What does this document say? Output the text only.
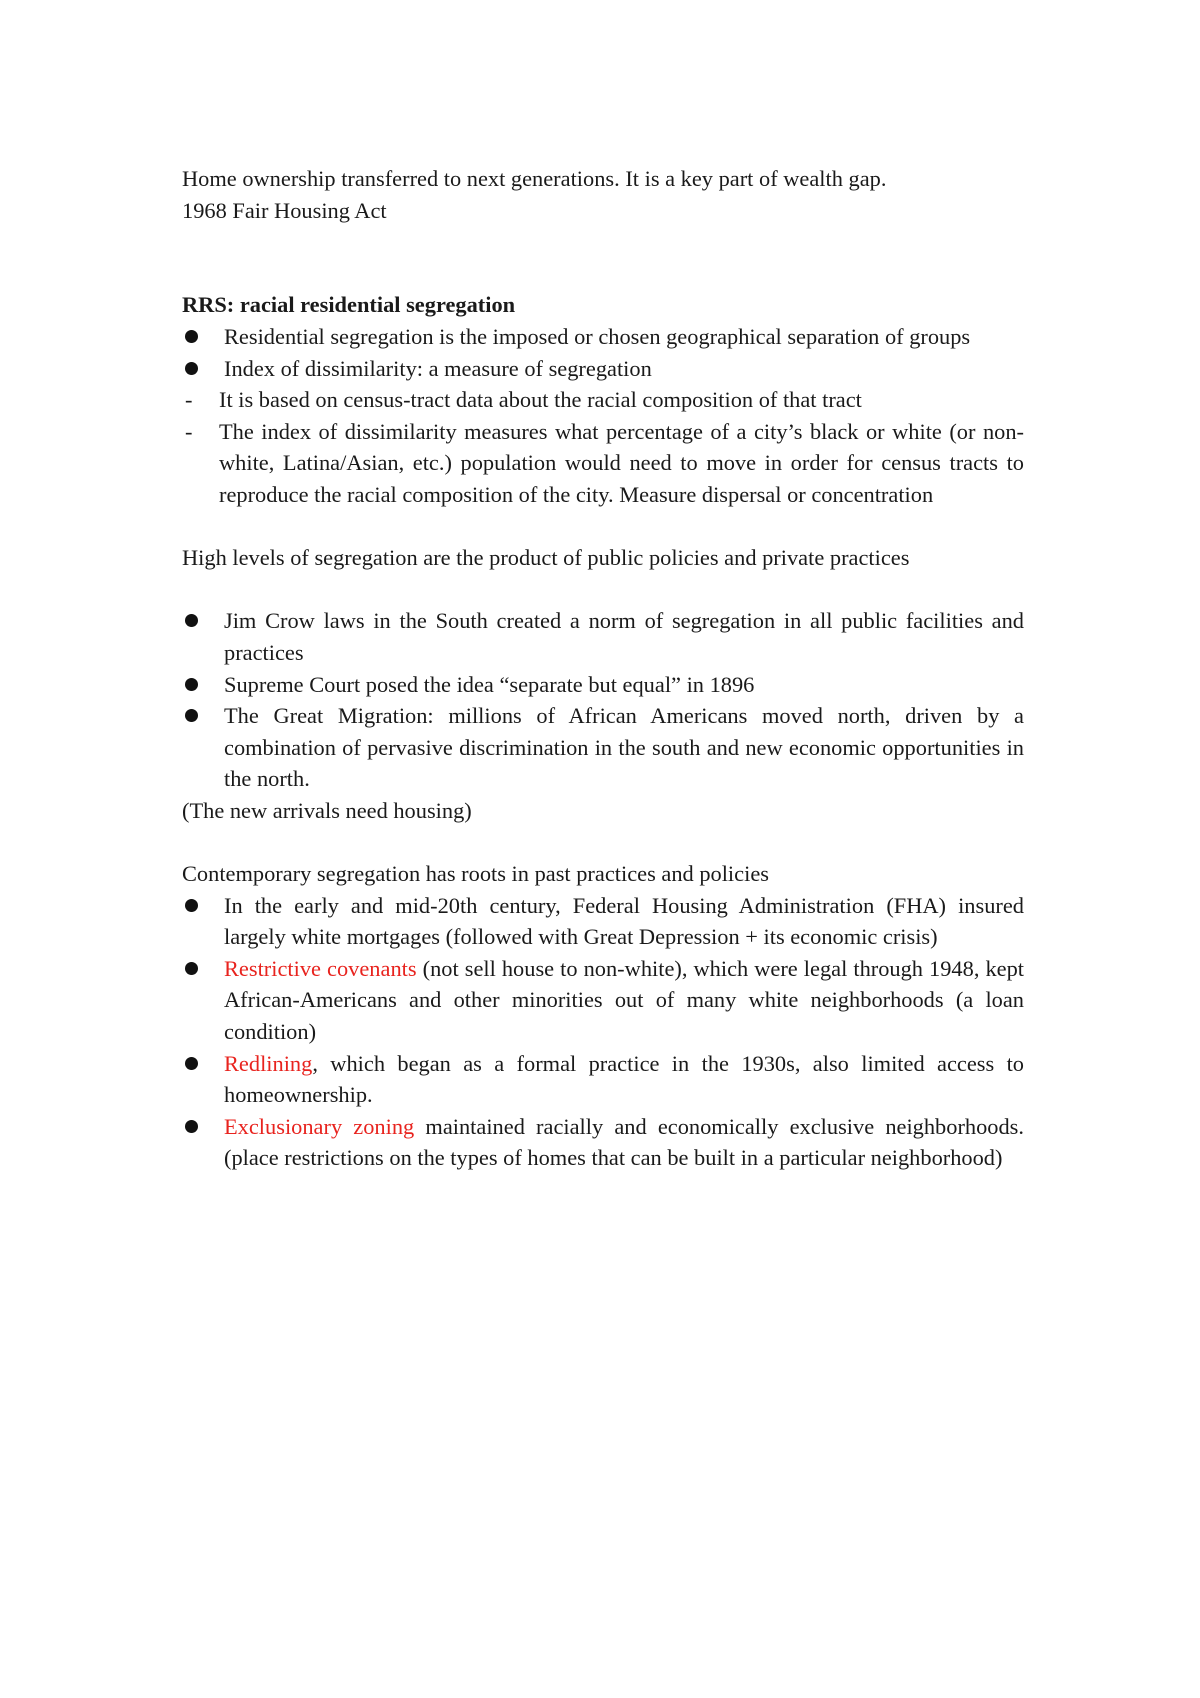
Home ownership transferred to next generations. It is a key part of wealth gap.

1968 Fair Housing Act

RRS: racial residential segregation

Residential segregation is the imposed or chosen geographical separation of groups
Index of dissimilarity: a measure of segregation
- It is based on census-tract data about the racial composition of that tract
- The index of dissimilarity measures what percentage of a city’s black or white (or non-white, Latina/Asian, etc.) population would need to move in order for census tracts to reproduce the racial composition of the city. Measure dispersal or concentration

High levels of segregation are the product of public policies and private practices

Jim Crow laws in the South created a norm of segregation in all public facilities and practices
Supreme Court posed the idea “separate but equal” in 1896
The Great Migration: millions of African Americans moved north, driven by a combination of pervasive discrimination in the south and new economic opportunities in the north.

(The new arrivals need housing)

Contemporary segregation has roots in past practices and policies

In the early and mid-20th century, Federal Housing Administration (FHA) insured largely white mortgages (followed with Great Depression + its economic crisis)
Restrictive covenants (not sell house to non-white), which were legal through 1948, kept African-Americans and other minorities out of many white neighborhoods (a loan condition)
Redlining, which began as a formal practice in the 1930s, also limited access to homeownership.
Exclusionary zoning maintained racially and economically exclusive neighborhoods. (place restrictions on the types of homes that can be built in a particular neighborhood)
